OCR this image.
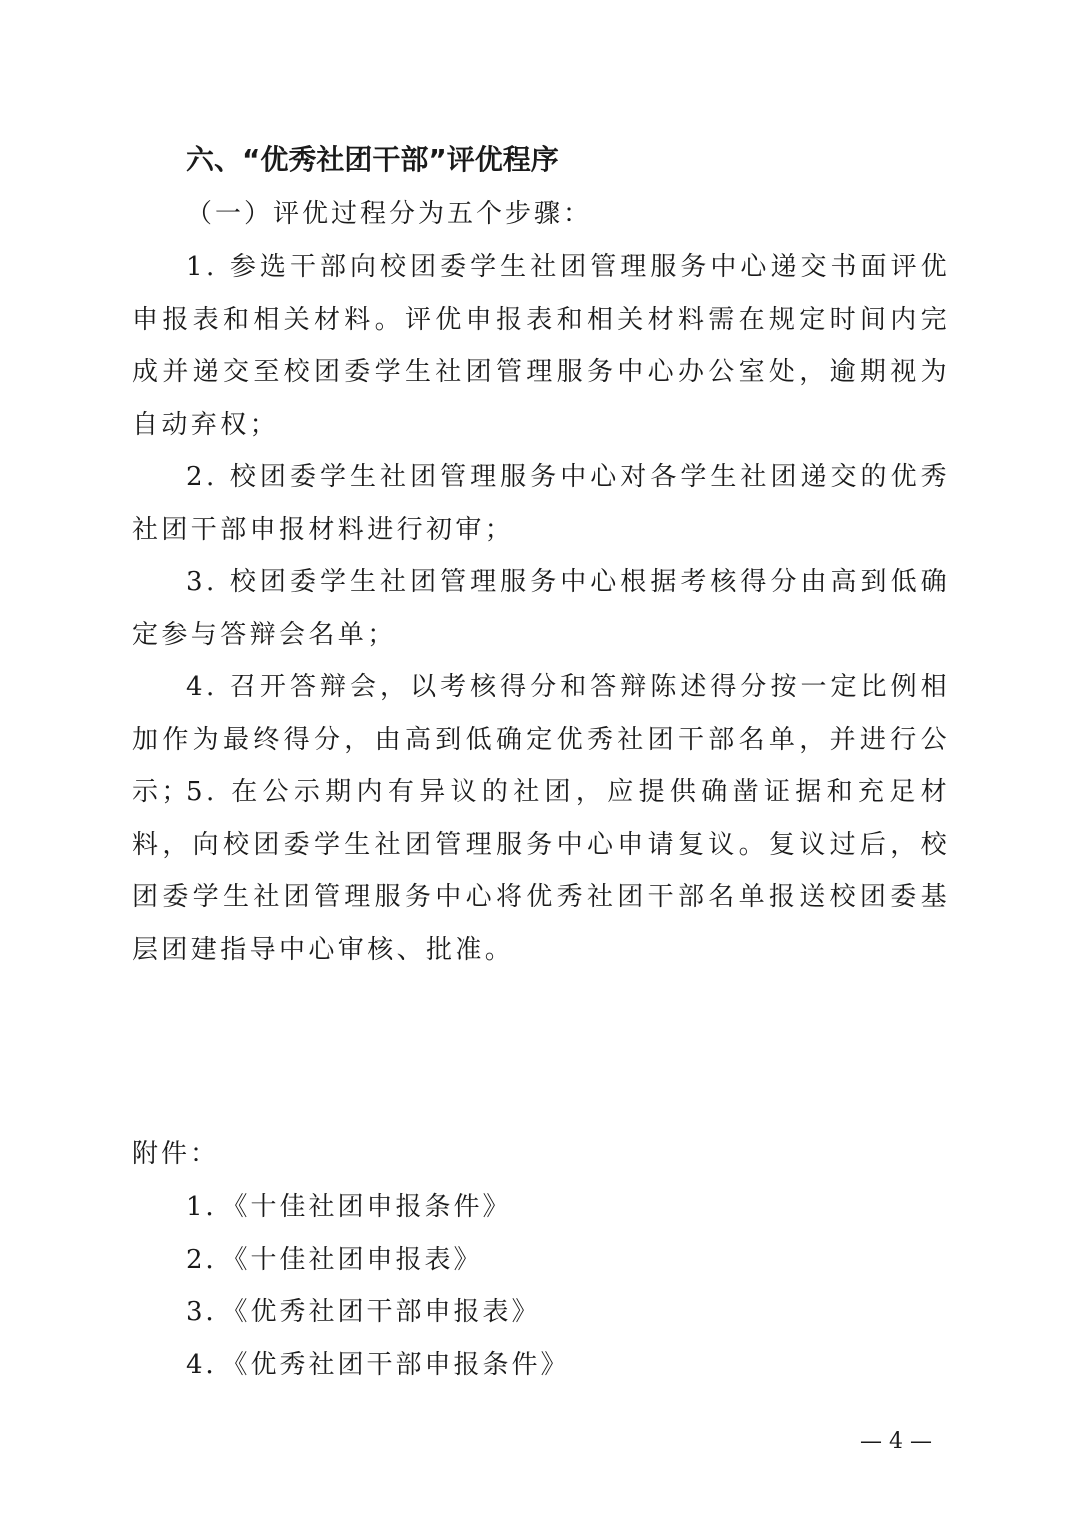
六、“优秀社团干部”评优程序
（一）评优过程分为五个步骤：

1. 参选干部向校团委学生社团管理服务中心递交书面评优申报表和相关材料。评优申报表和相关材料需在规定时间内完成并递交至校团委学生社团管理服务中心办公室处，逾期视为自动弃权；

2. 校团委学生社团管理服务中心对各学生社团递交的优秀社团干部申报材料进行初审；

3. 校团委学生社团管理服务中心根据考核得分由高到低确定参与答辩会名单；

4. 召开答辩会，以考核得分和答辩陈述得分按一定比例相加作为最终得分，由高到低确定优秀社团干部名单，并进行公示；

5. 在公示期内有异议的社团，应提供确凿证据和充足材料，向校团委学生社团管理服务中心申请复议。复议过后，校团委学生社团管理服务中心将优秀社团干部名单报送校团委基层团建指导中心审核、批准。

附件：
1．《十佳社团申报条件》
2．《十佳社团申报表》
3．《优秀社团干部申报表》
4．《优秀社团干部申报条件》
— 4 —
